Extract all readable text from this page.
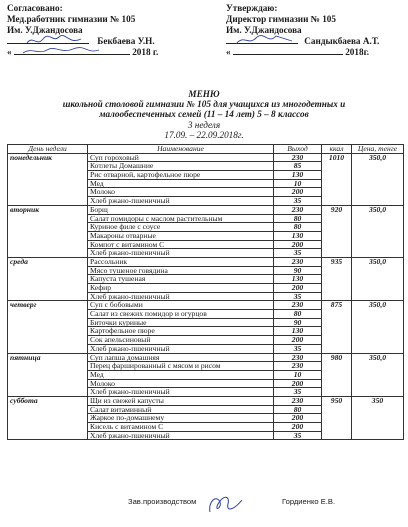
Согласовано:
Мед.работник гимназии № 105
Им. У.Джандосова
Бекбаева У.Н.
«	2018 г.
Утверждаю:
Директор гимназии № 105
Им. У.Джандосова
Сандыкбаева А.Т.
«	2018г.
МЕНЮ
школьной столовой гимназии № 105 для учащихся из многодетных и
малообеспеченных семей (11 – 14 лет) 5 – 8 классов
3 неделя
17.09. – 22.09.2018г.
День недели	Наименование	Выход	ккал	Цена, тенге
понедельник	Суп гороховый	230	1010	350,0
	Котлеты Домашние	85		
	Рис отварной, картофельное пюре	130		
	Мед	10		
	Молоко	200		
	Хлеб ржано-пшеничный	35		
вторник	Борщ	230	920	350,0
	Салат помидоры с маслом растительным	80		
	Куриное филе с соусе	80		
	Макароны отварные	130		
	Компот с витамином С	200		
	Хлеб ржано-пшеничный	35		
среда	Рассольник	230	935	350,0
	Мясо тушеное говядина	90		
	Капуста тушеная	130		
	Кефир	200		
	Хлеб ржано-пшеничный	35		
четверг	Суп с бобовыми	230	875	350,0
	Салат из свежих помидор и огурцов	80		
	Биточки куриные	90		
	Картофельное пюре	130		
	Сок апельсиновый	200		
	Хлеб ржано-пшеничный	35		
пятница	Суп лапша домашняя	230	980	350,0
	Перец фаршированный с мясом и рисом	230		
	Мед	10		
	Молоко	200		
	Хлеб ржано-пшеничный	35		
суббота	Щи из свежей капусты	230	950	350
	Салат витаминный	80		
	Жаркое по-домашнему	200		
	Кисель с витамином С	200		
	Хлеб ржано-пшеничный	35		
Зав.производством	Гордиенко Е.В.
